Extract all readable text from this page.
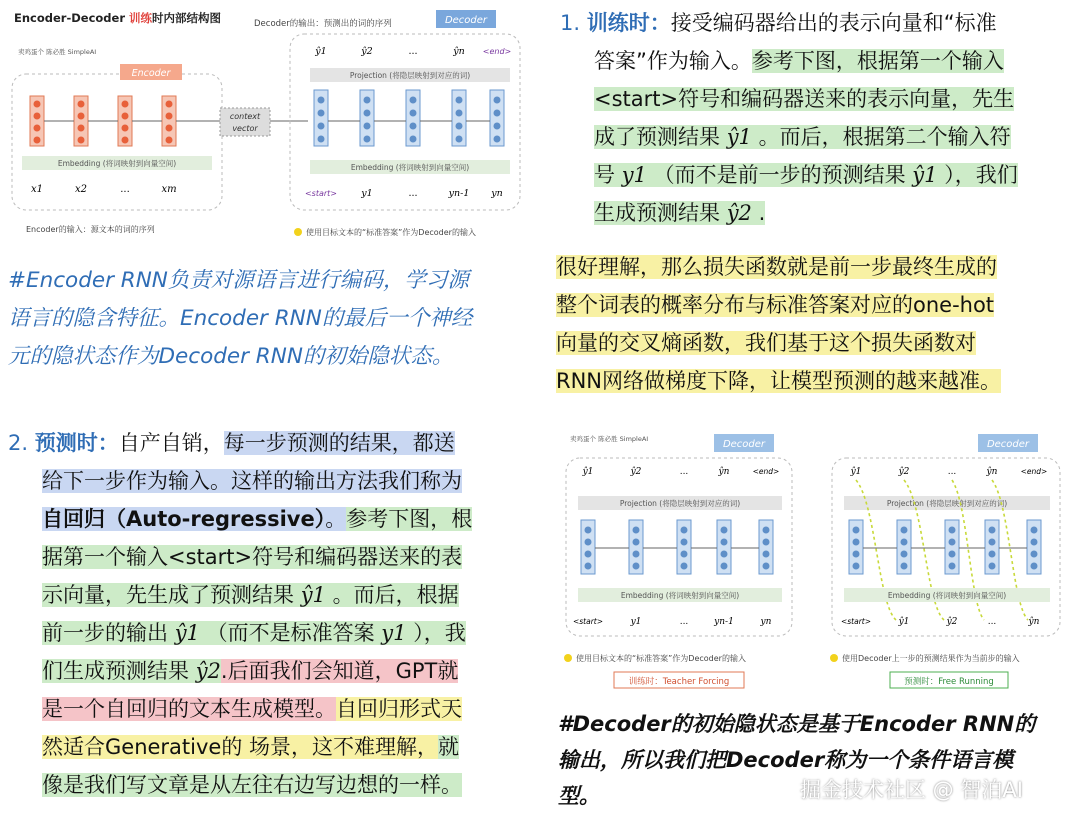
Encoder-Decoder 训练时内部结构图
卖鸡蛋个 陈必胜 SimpleAI
Decoder的输出：预测出的词的序列	Decoder
Encoder
context
vector
Embedding (将词映射到向量空间)
x1	x2	...	xm
Encoder的输入：源文本的词的序列
Projection (将隐层映射到对应的词)
Embedding (将词映射到向量空间)
ŷ1	ŷ2	...	ŷn <end>
<start>	y1	...	yn-1 yn
使用目标文本的“标准答案”作为Decoder的输入
#Encoder RNN负责对源语言进行编码，学习源
语言的隐含特征。Encoder RNN的最后一个神经
元的隐状态作为Decoder RNN的初始隐状态。
1. 训练时：接受编码器给出的表示向量和“标准
答案”作为输入。参考下图，根据第一个输入
<start>符号和编码器送来的表示向量，先生
成了预测结果 ŷ1 。而后，根据第二个输入符
号 y1 （而不是前一步的预测结果 ŷ1 ），我们
生成预测结果 ŷ2 .
很好理解，那么损失函数就是前一步最终生成的
整个词表的概率分布与标准答案对应的one-hot
向量的交叉熵函数，我们基于这个损失函数对
RNN网络做梯度下降，让模型预测的越来越准。
2. 预测时：自产自销，每一步预测的结果，都送
给下一步作为输入。这样的输出方法我们称为
自回归（Auto-regressive）。参考下图，根
据第一个输入<start>符号和编码器送来的表
示向量，先生成了预测结果 ŷ1 。而后，根据
前一步的输出 ŷ1 （而不是标准答案 y1 ），我
们生成预测结果 ŷ2.后面我们会知道，GPT就
是一个自回归的文本生成模型。自回归形式天
然适合Generative的 场景，这不难理解，就
像是我们写文章是从左往右边写边想的一样。
卖鸡蛋个 陈必胜 SimpleAI	Decoder
ŷ1	ŷ2	...	ŷn	<end>
Projection (将隐层映射到对应的词)
Embedding (将词映射到向量空间)
<start>	y1	...	yn-1	yn
使用目标文本的“标准答案”作为Decoder的输入
训练时：Teacher Forcing
Decoder
ŷ1	ŷ2	...	ŷn	<end>
Projection (将隐层映射到对应的词)
Embedding (将词映射到向量空间)
<start>	ŷ1	ŷ2	...	ŷn
使用Decoder上一步的预测结果作为当前步的输入
预测时：Free Running
#Decoder的初始隐状态是基于Encoder RNN的
输出，所以我们把Decoder称为一个条件语言模
型。	掘金技术社区 @ 智泊AI
